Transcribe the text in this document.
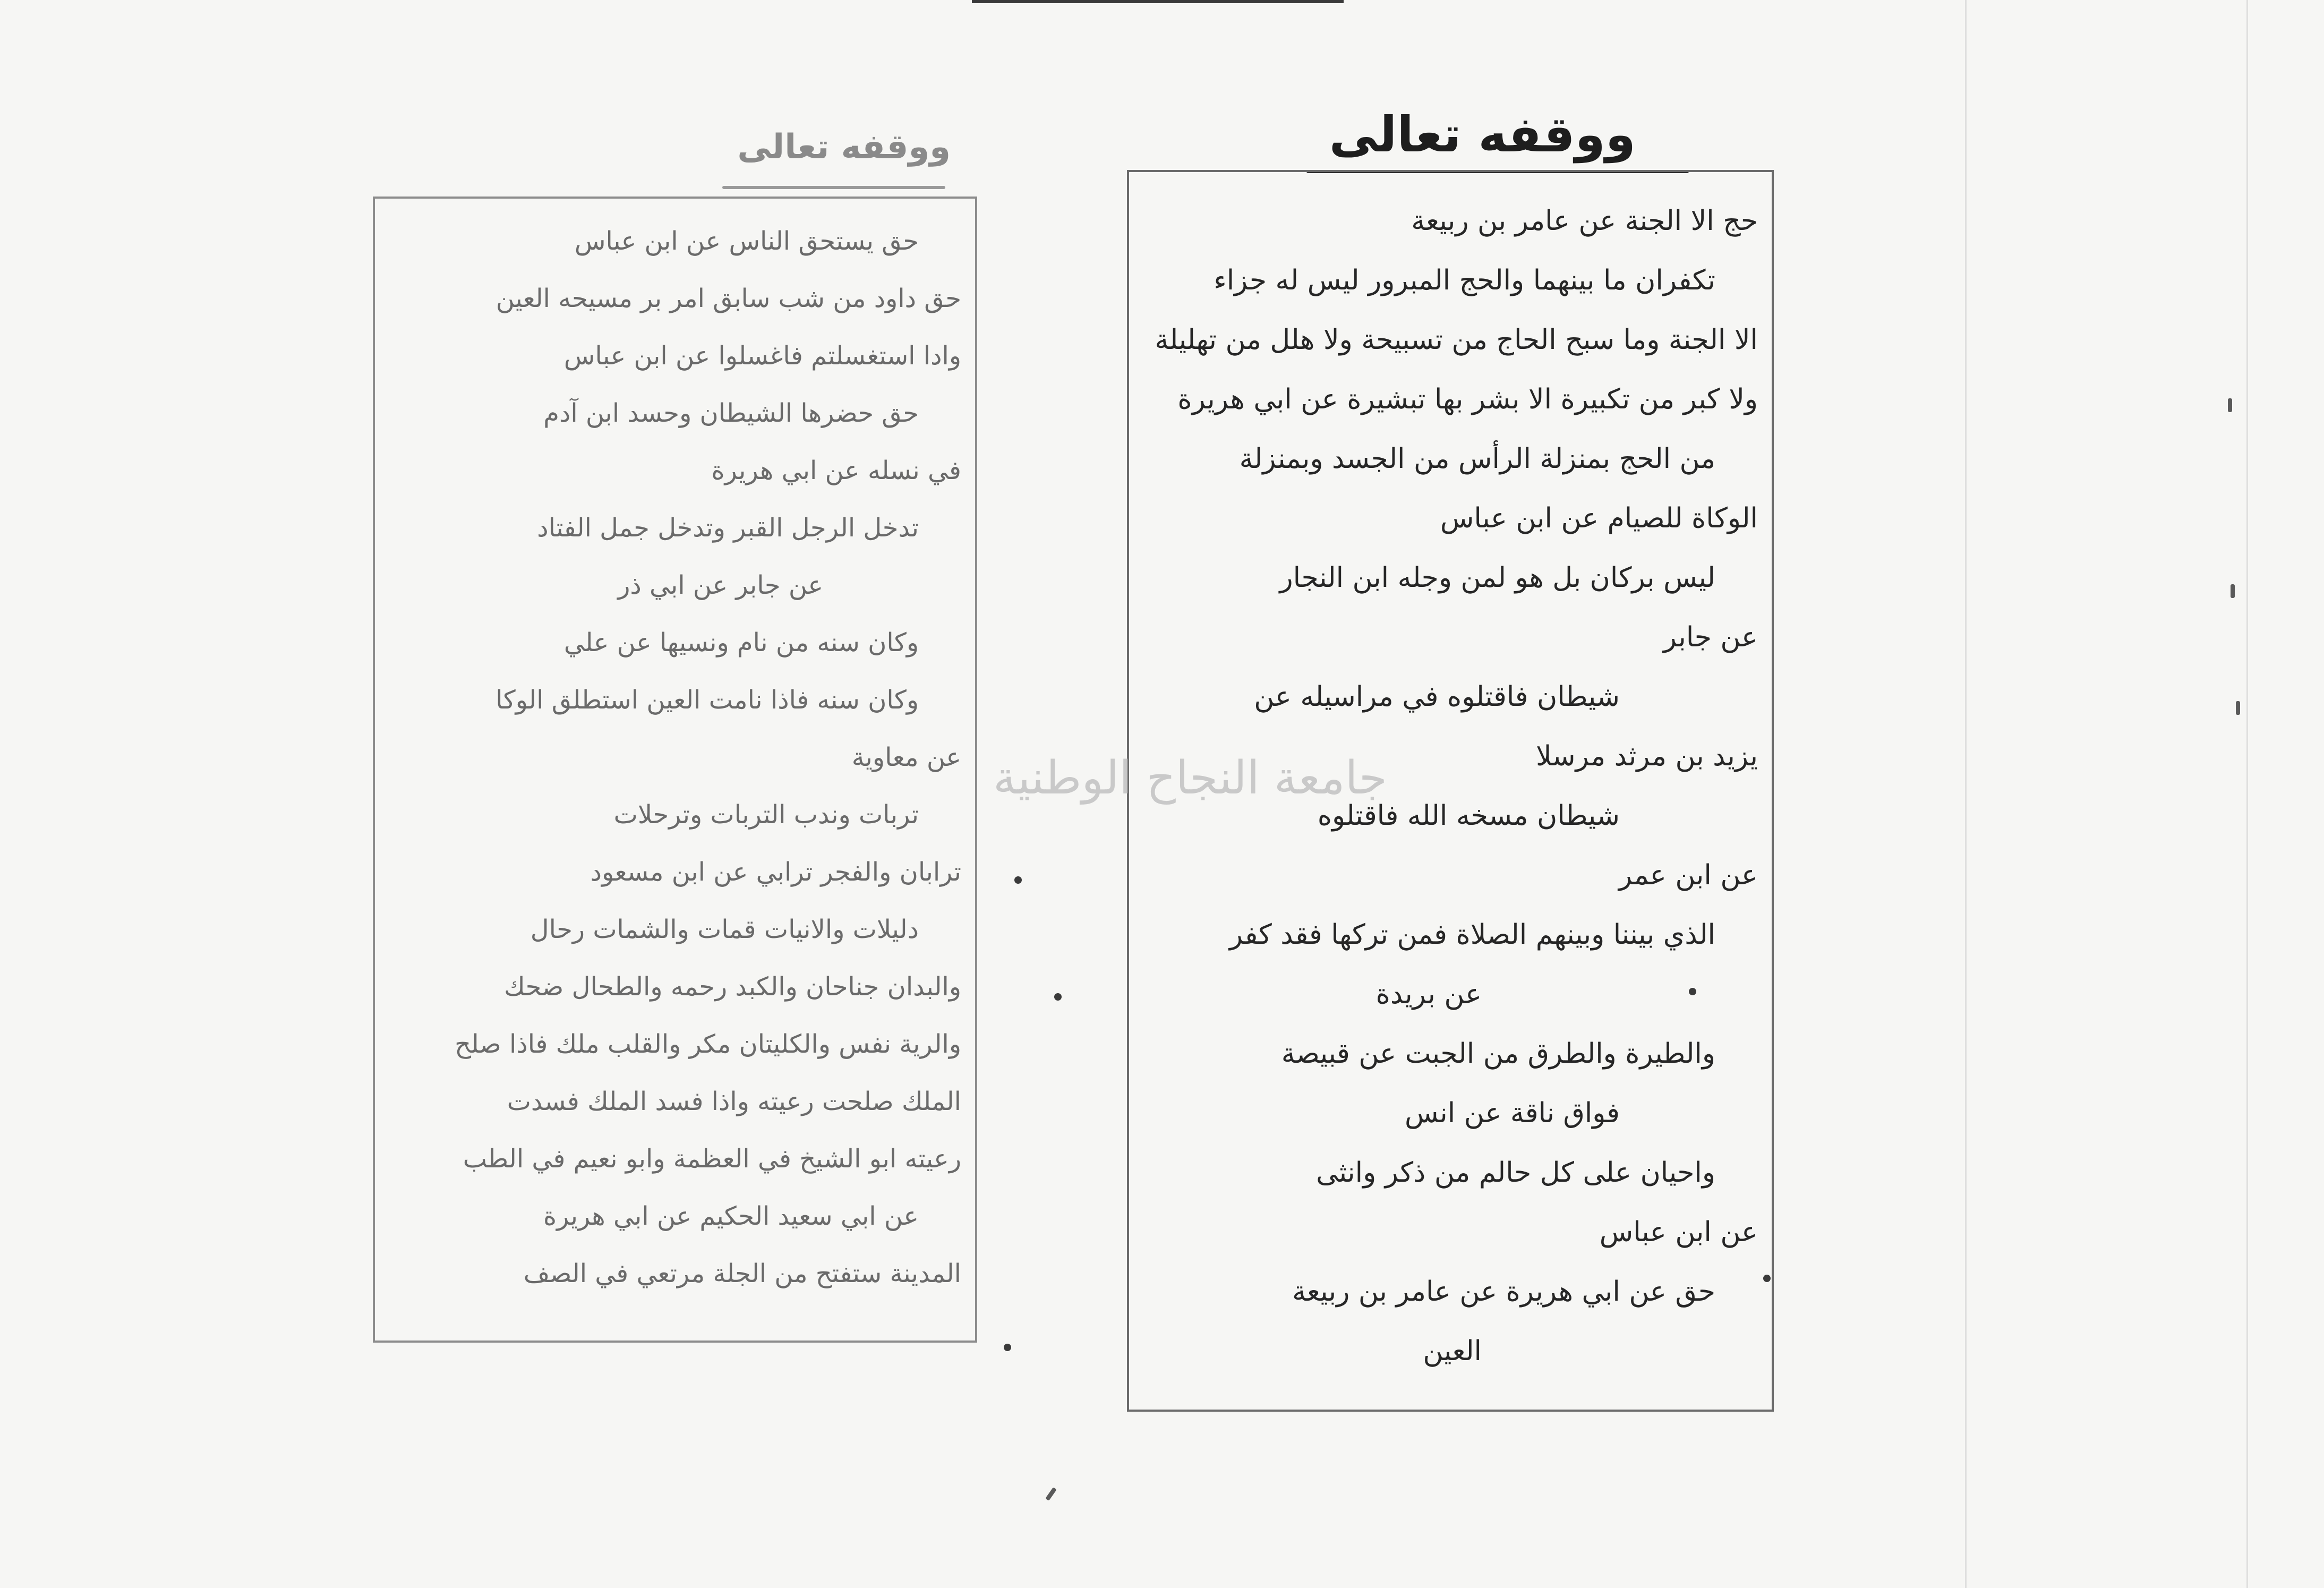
ووقفه تعالى
حق يستحق الناس عن ابن عباس
حق داود من شب سابق امر بر مسيحه العين
وادا استغسلتم فاغسلوا عن ابن عباس
حق حضرها الشيطان وحسد ابن آدم
في نسله عن ابي هريرة
تدخل الرجل القبر وتدخل جمل الفتاد
عن جابر عن ابي ذر
وكان سنه من نام ونسيها عن علي
وكان سنه فاذا نامت العين استطلق الوكا
عن معاوية
تربات وندب التربات وترحلات
ترابان والفجر ترابي عن ابن مسعود
دليلات والانيات قمات والشمات رحال
والبدان جناحان والكبد رحمه والطحال ضحك
والرية نفس والكليتان مكر والقلب ملك فاذا صلح
الملك صلحت رعيته واذا فسد الملك فسدت
رعيته ابو الشيخ في العظمة وابو نعيم في الطب
عن ابي سعيد الحكيم عن ابي هريرة
المدينة ستفتح من الجلة مرتعي في الصف
ووقفه تعالى
حج الا الجنة عن عامر بن ربيعة
تكفران ما بينهما والحج المبرور ليس له جزاء
الا الجنة وما سبح الحاج من تسبيحة ولا هلل من تهليلة
ولا كبر من تكبيرة الا بشر بها تبشيرة عن ابي هريرة
من الحج بمنزلة الرأس من الجسد وبمنزلة
الوكاة للصيام عن ابن عباس
ليس بركان بل هو لمن وجله ابن النجار
عن جابر
شيطان فاقتلوه في مراسيله عن
يزيد بن مرثد مرسلا
شيطان مسخه الله فاقتلوه
عن ابن عمر
الذي بيننا وبينهم الصلاة فمن تركها فقد كفر
عن بريدة
والطيرة والطرق من الجبت عن قبيصة
فواق ناقة عن انس
واحيان على كل حالم من ذكر وانثى
عن ابن عباس
حق عن ابي هريرة عن عامر بن ربيعة
العين
جامعة النجاح الوطنية
